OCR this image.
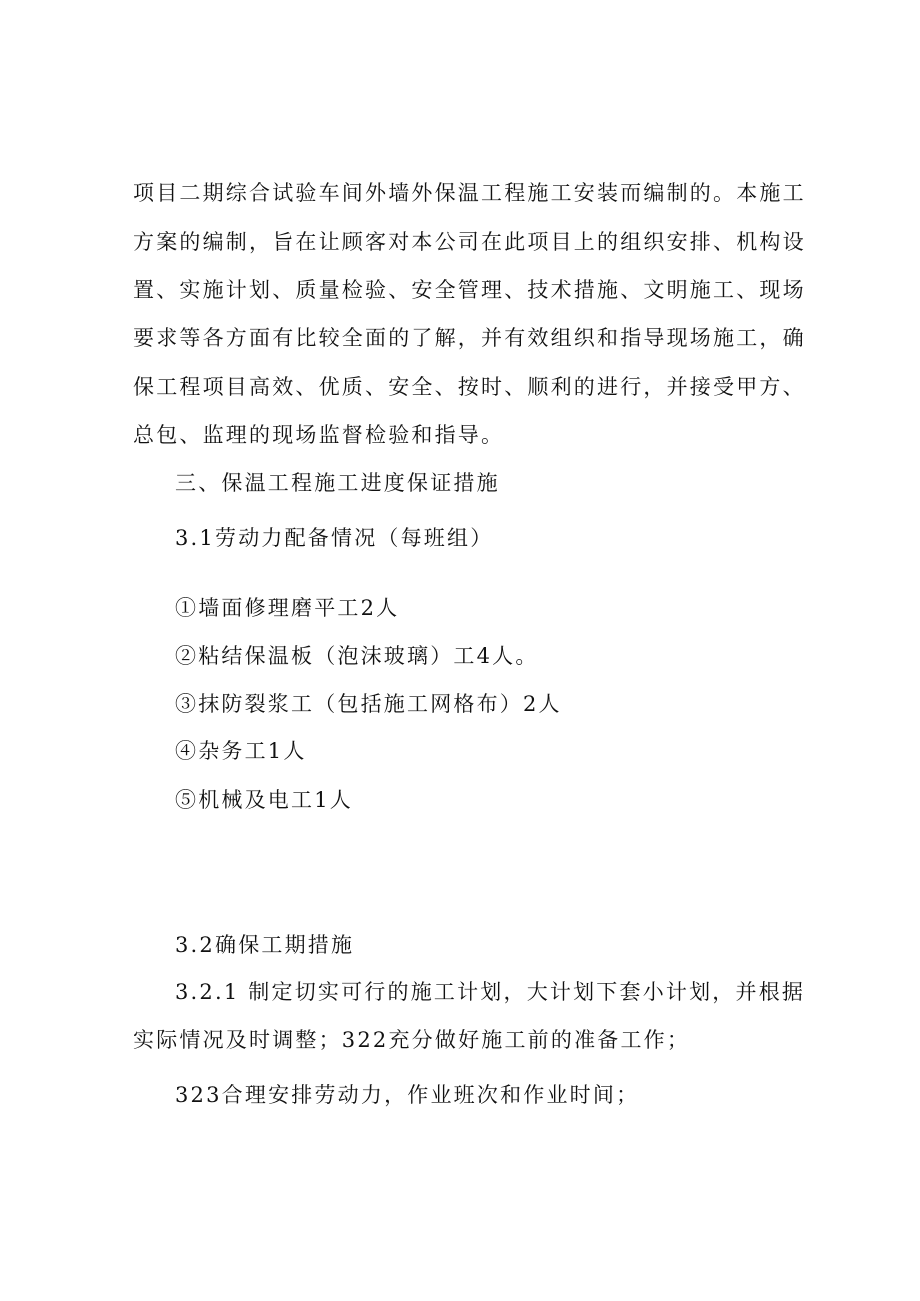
项目二期综合试验车间外墙外保温工程施工安装而编制的。本施工
方案的编制，旨在让顾客对本公司在此项目上的组织安排、机构设
置、实施计划、质量检验、安全管理、技术措施、文明施工、现场
要求等各方面有比较全面的了解，并有效组织和指导现场施工，确
保工程项目高效、优质、安全、按时、顺利的进行，并接受甲方、
总包、监理的现场监督检验和指导。
三、保温工程施工进度保证措施
3.1劳动力配备情况（每班组）
①墙面修理磨平工2人
②粘结保温板（泡沫玻璃）工4人。
③抹防裂浆工（包括施工网格布）2人
④杂务工1人
⑤机械及电工1人
3.2确保工期措施
3.2.1 制定切实可行的施工计划，大计划下套小计划，并根据
实际情况及时调整；322充分做好施工前的准备工作；
323合理安排劳动力，作业班次和作业时间；
